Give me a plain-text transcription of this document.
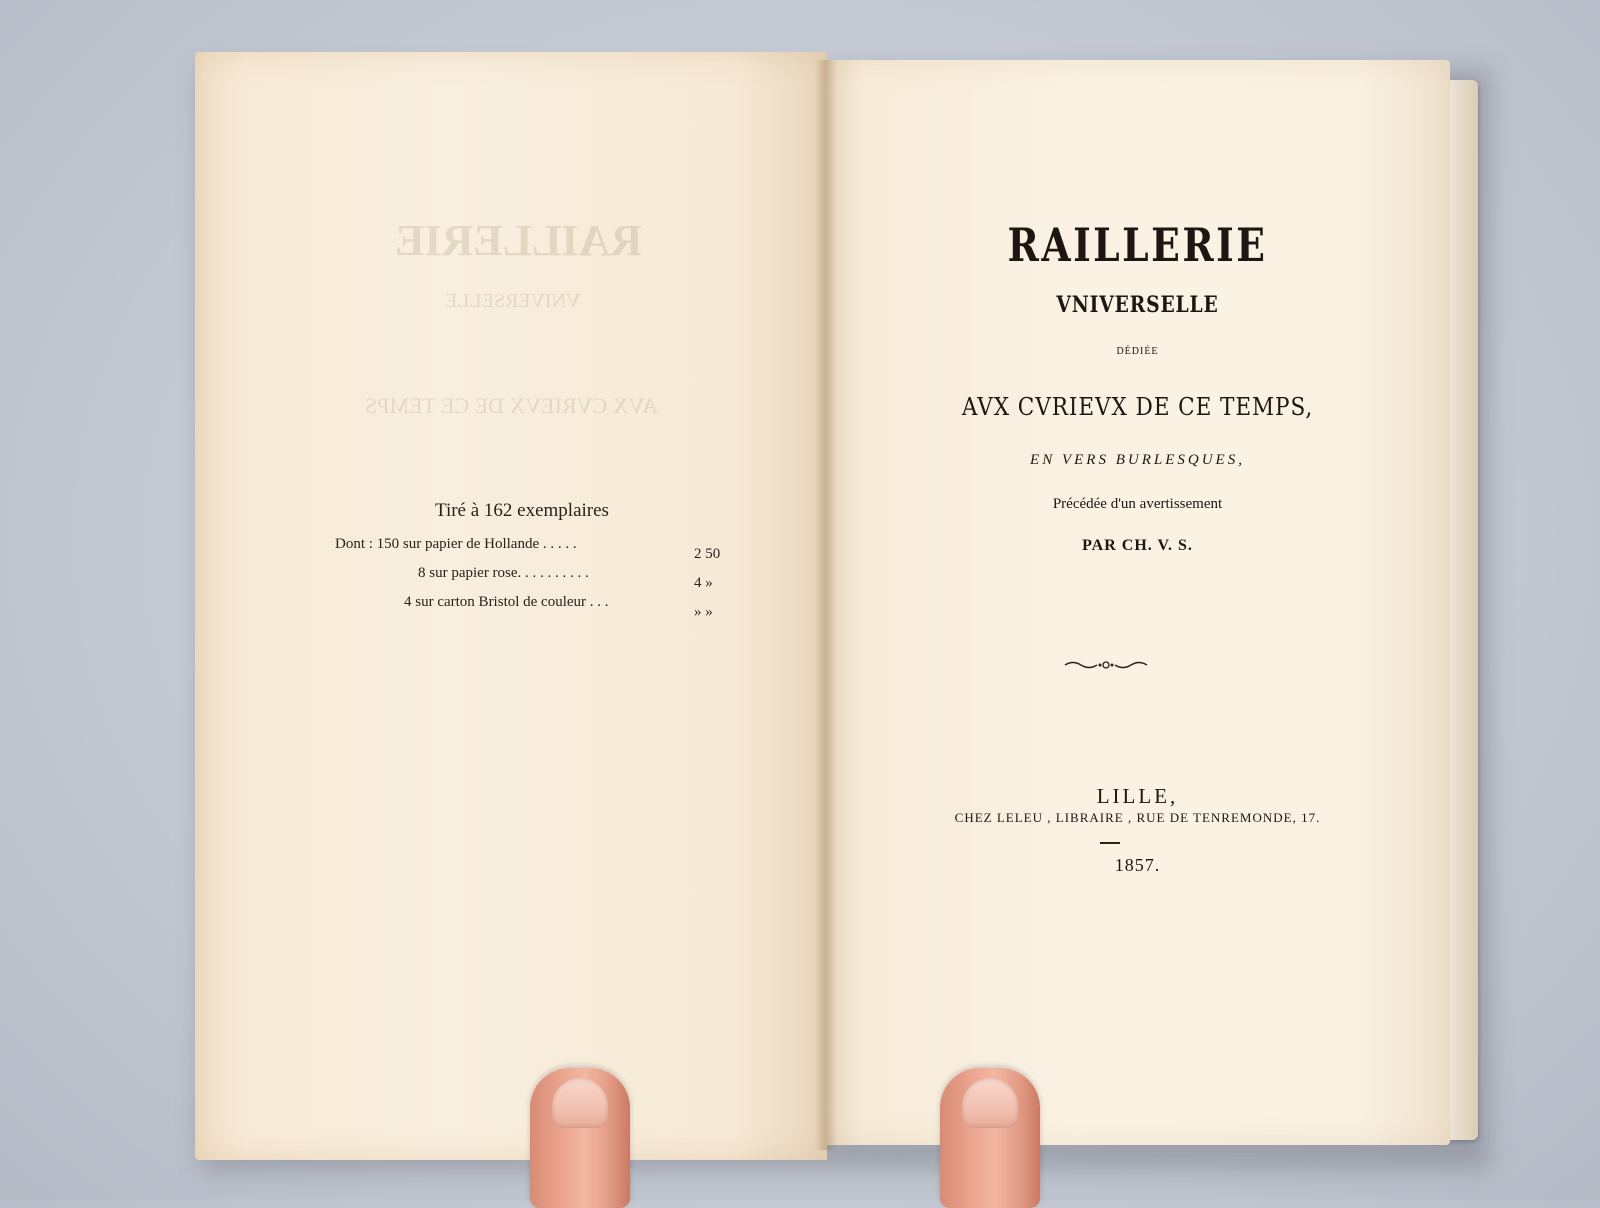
RAILLERIE
VNIVERSELLE
AVX CVRIEVX DE CE TEMPS
Tiré à 162 exemplaires
Dont : 150 sur papier de Hollande . . . . .
2 50
8 sur papier rose. . . . . . . . . .
4 »
4 sur carton Bristol de couleur . . .
» »
RAILLERIE
VNIVERSELLE
DÉDIÉE
AVX CVRIEVX DE CE TEMPS,
EN VERS BURLESQUES,
Précédée d'un avertissement
PAR CH. V. S.
LILLE,
CHEZ LELEU , LIBRAIRE , RUE DE TENREMONDE, 17.
1857.
